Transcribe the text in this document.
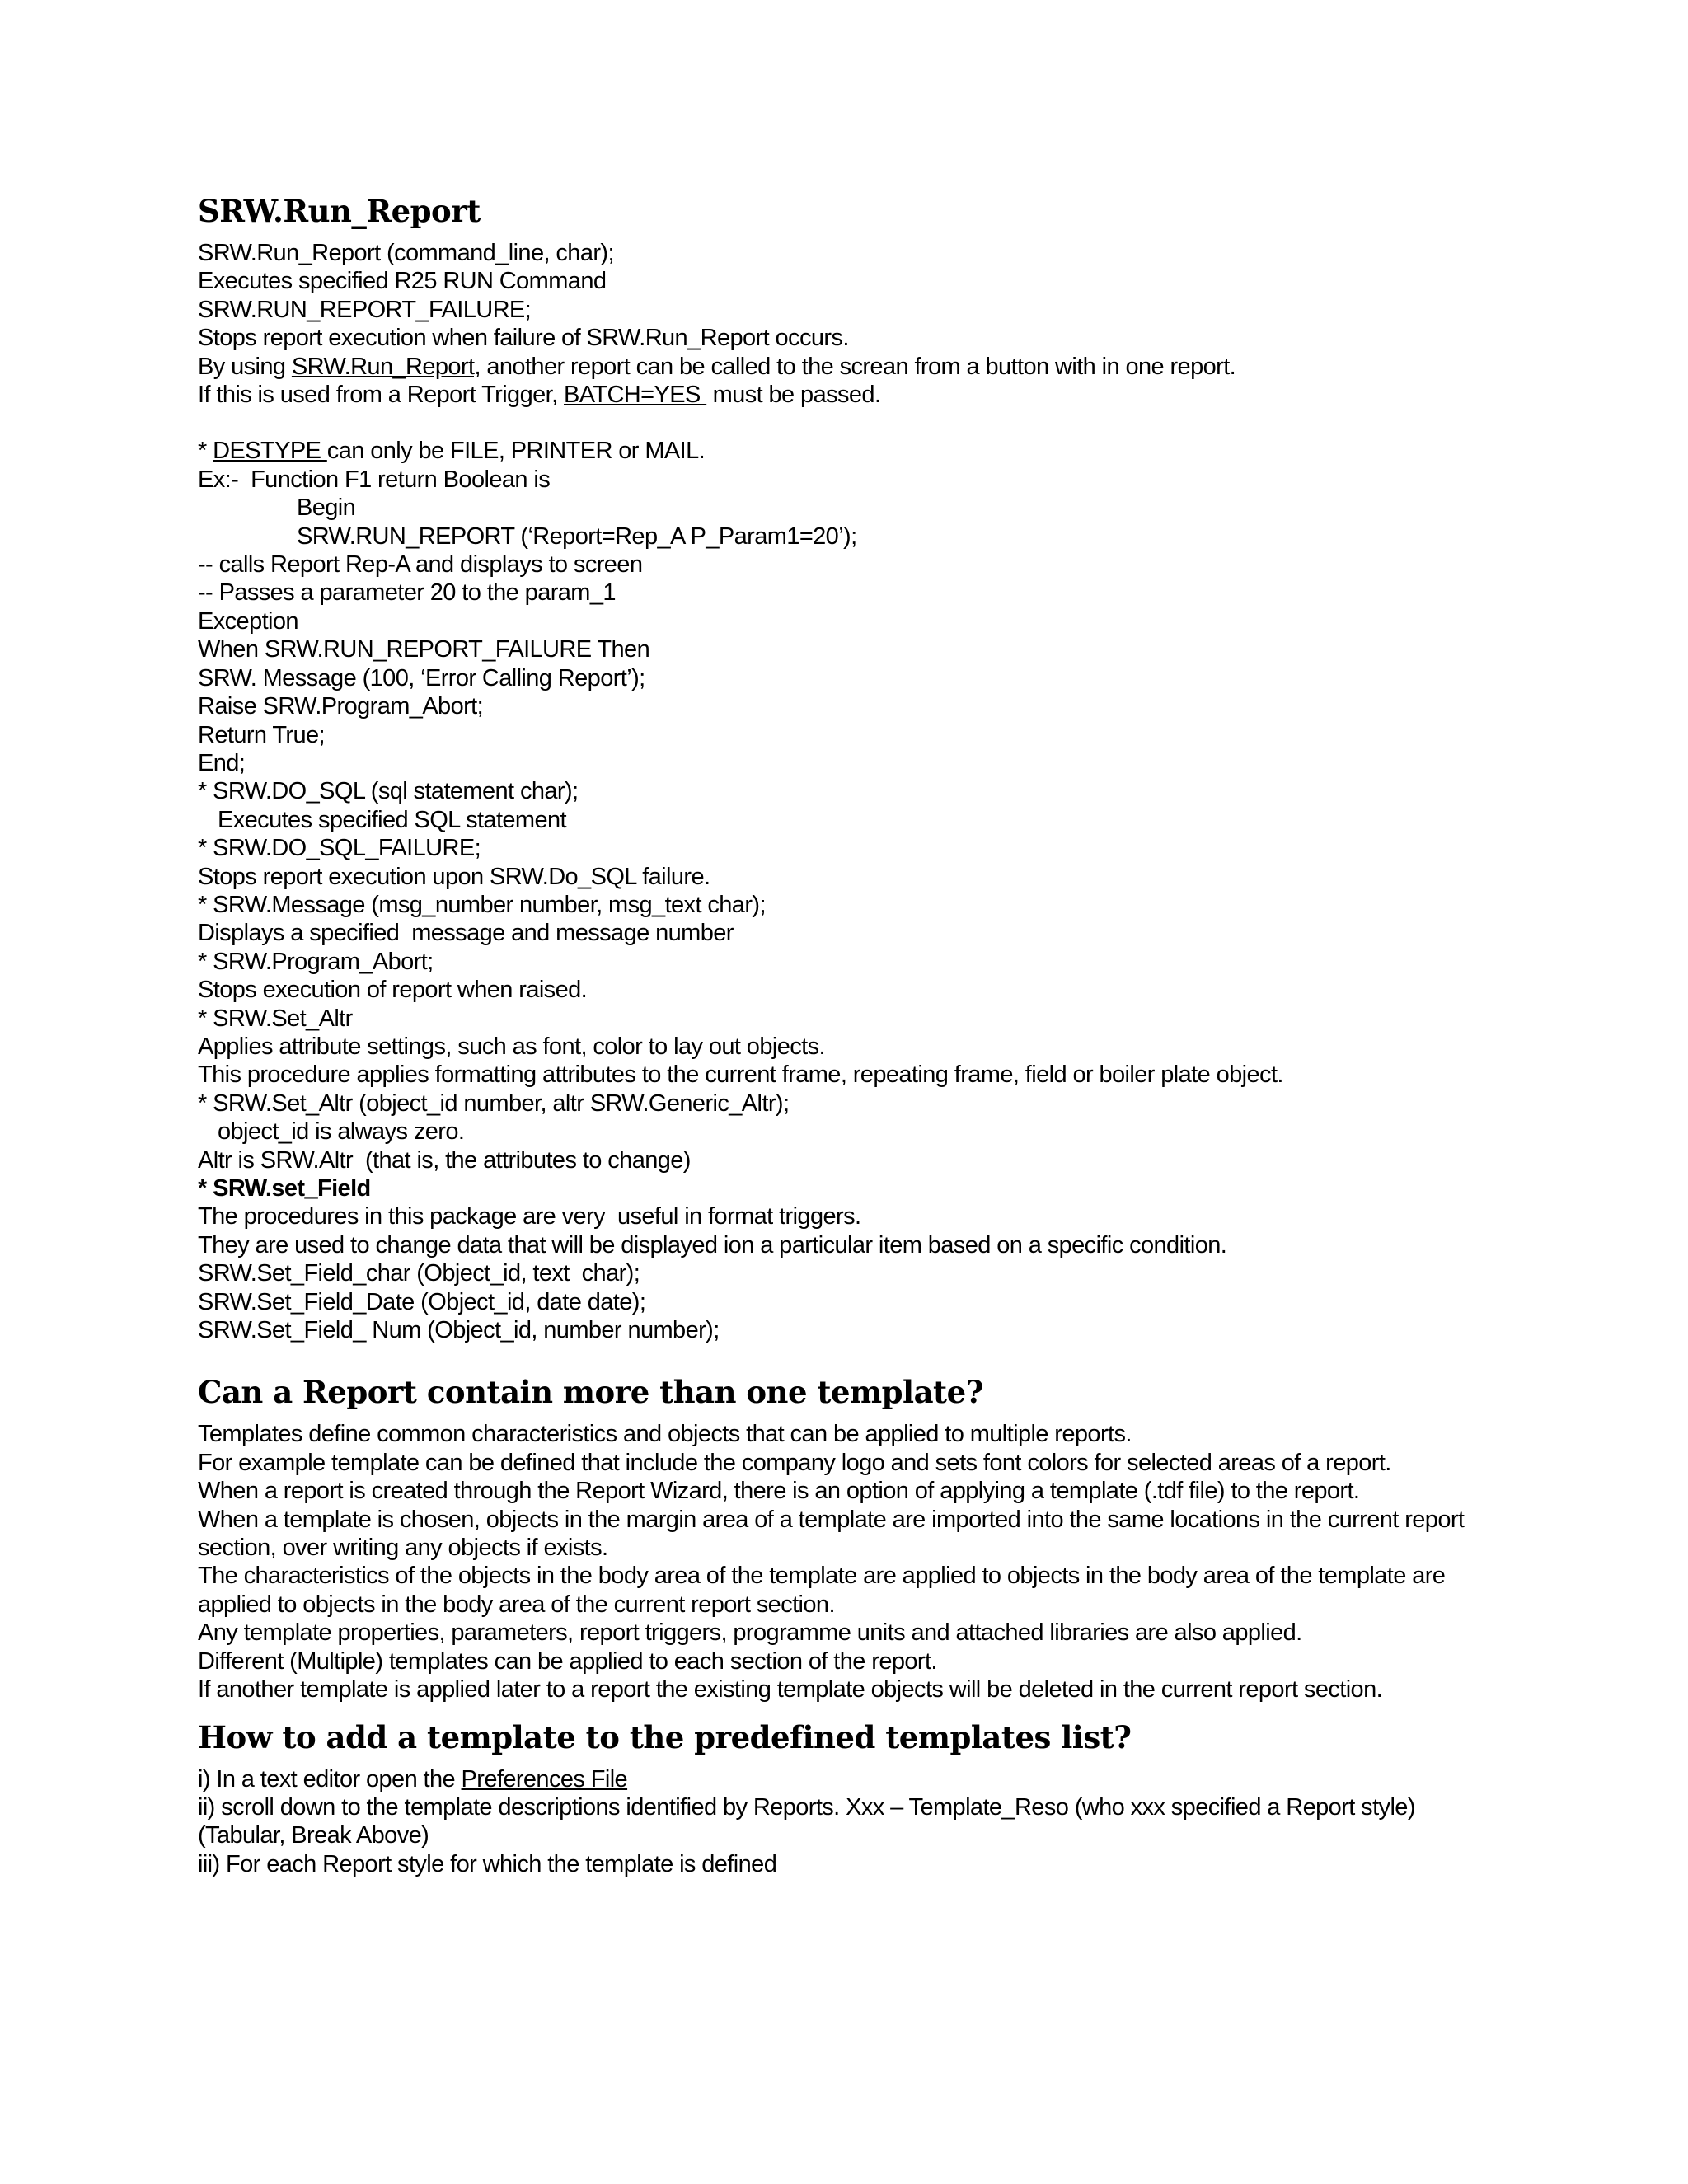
SRW.Run_Report
SRW.Run_Report (command_line, char);
Executes specified R25 RUN Command
SRW.RUN_REPORT_FAILURE;
Stops report execution when failure of SRW.Run_Report occurs.
By using SRW.Run_Report, another report can be called to the screan from a button with in one report.
If this is used from a Report Trigger, BATCH=YES  must be passed.
* DESTYPE can only be FILE, PRINTER or MAIL.
Ex:-  Function F1 return Boolean is
Begin
SRW.RUN_REPORT (‘Report=Rep_A P_Param1=20’);
-- calls Report Rep-A and displays to screen
-- Passes a parameter 20 to the param_1
Exception
When SRW.RUN_REPORT_FAILURE Then
SRW. Message (100, ‘Error Calling Report’);
Raise SRW.Program_Abort;
Return True;
End;
* SRW.DO_SQL (sql statement char);
Executes specified SQL statement
* SRW.DO_SQL_FAILURE;
Stops report execution upon SRW.Do_SQL failure.
* SRW.Message (msg_number number, msg_text char);
Displays a specified  message and message number
* SRW.Program_Abort;
Stops execution of report when raised.
* SRW.Set_Altr
Applies attribute settings, such as font, color to lay out objects.
This procedure applies formatting attributes to the current frame, repeating frame, field or boiler plate object.
* SRW.Set_Altr (object_id number, altr SRW.Generic_Altr);
object_id is always zero.
Altr is SRW.Altr  (that is, the attributes to change)
* SRW.set_Field
The procedures in this package are very  useful in format triggers.
They are used to change data that will be displayed ion a particular item based on a specific condition.
SRW.Set_Field_char (Object_id, text  char);
SRW.Set_Field_Date (Object_id, date date);
SRW.Set_Field_ Num (Object_id, number number);
Can a Report contain more than one template?
Templates define common characteristics and objects that can be applied to multiple reports.
For example template can be defined that include the company logo and sets font colors for selected areas of a report.
When a report is created through the Report Wizard, there is an option of applying a template (.tdf file) to the report.
When a template is chosen, objects in the margin area of a template are imported into the same locations in the current report section, over writing any objects if exists.
The characteristics of the objects in the body area of the template are applied to objects in the body area of the template are applied to objects in the body area of the current report section.
Any template properties, parameters, report triggers, programme units and attached libraries are also applied.
Different (Multiple) templates can be applied to each section of the report.
If another template is applied later to a report the existing template objects will be deleted in the current report section.
How to add a template to the predefined templates list?
i) In a text editor open the Preferences File
ii) scroll down to the template descriptions identified by Reports. Xxx – Template_Reso (who xxx specified a Report style) (Tabular, Break Above)
iii) For each Report style for which the template is defined
